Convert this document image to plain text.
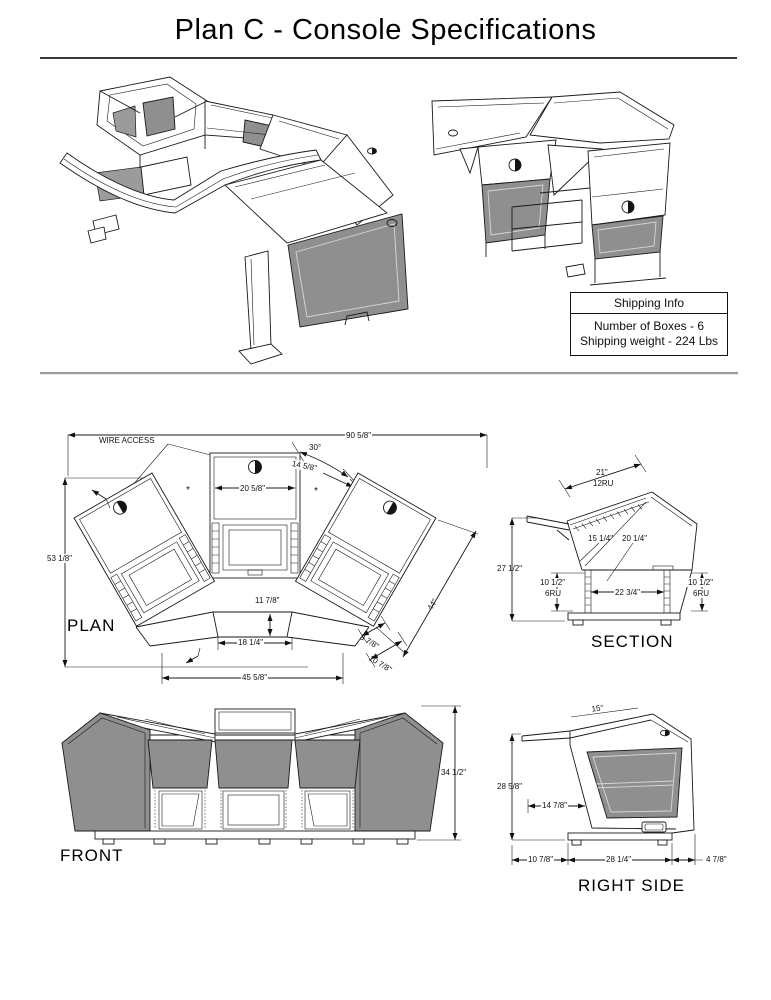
Plan C - Console Specifications
Shipping Info
Number of Boxes - 6
Shipping weight - 224 Lbs
90 5/8"
WIRE ACCESS
53 1/8"
30°
14 5/8"
20 5/8"
11 7/8"
18 1/4"
45 5/8"
3 7/8"
10 7/8"
44"
*	*
PLAN
21"
12RU
15 1/4" 20 1/4"
27 1/2"
10 1/2"
6RU	22 3/4"
10 1/2"
6RU
SECTION
34 1/2"
FRONT
15°
28 5/8"
14 7/8"
10 7/8"	28 1/4"	4 7/8"
RIGHT SIDE
